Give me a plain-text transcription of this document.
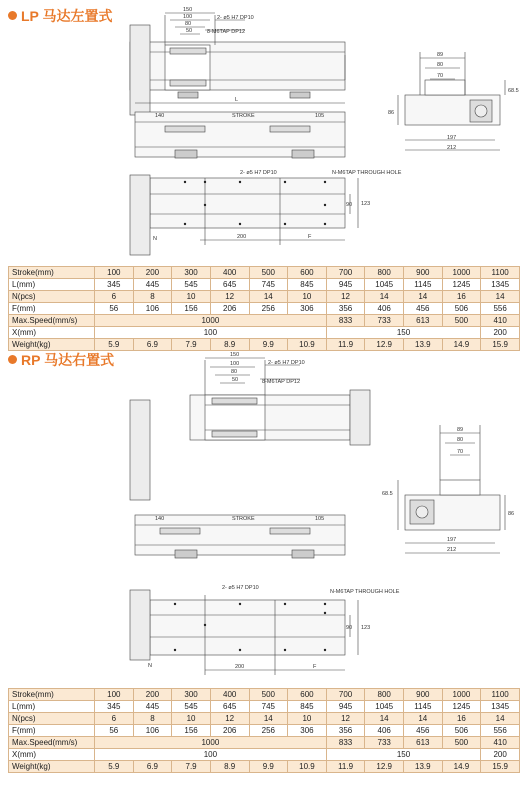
LP 马达左置式	150
100
80
50
2- ø5 H7 DP10
8-M6TAP DP12
L
140	STROKE	105
2- ø5 H7 DP10	N-M6TAP THROUGH HOLE
N	200	F
90 123
89
80
70
68.5
86
197
212
Stroke(mm)	100	200	300	400	500	600	700	800	900	1000	1100
L(mm)	345	445	545	645	745	845	945	1045	1145	1245	1345
N(pcs)	6	8	10	12	14	10	12	14	14	16	14
F(mm)	56	106	156	206	256	306	356	406	456	506	556
Max.Speed(mm/s)	1000						833	733	613	500	410
X(mm)	100						150				200
Weight(kg)	5.9	6.9	7.9	8.9	9.9	10.9	11.9	12.9	13.9	14.9	15.9
RP 马达右置式	150
100
80
50
2- ø5 H7 DP10
8-M6TAP DP12
140	STROKE	105
2- ø5 H7 DP10
N-M6TAP THROUGH HOLE
N	200	F
90 123
89
80
70
68.5
86
197
212
Stroke(mm)	100	200	300	400	500	600	700	800	900	1000	1100
L(mm)	345	445	545	645	745	845	945	1045	1145	1245	1345
N(pcs)	6	8	10	12	14	10	12	14	14	16	14
F(mm)	56	106	156	206	256	306	356	406	456	506	556
Max.Speed(mm/s)	1000						833	733	613	500	410
X(mm)	100						150				200
Weight(kg)	5.9	6.9	7.9	8.9	9.9	10.9	11.9	12.9	13.9	14.9	15.9
